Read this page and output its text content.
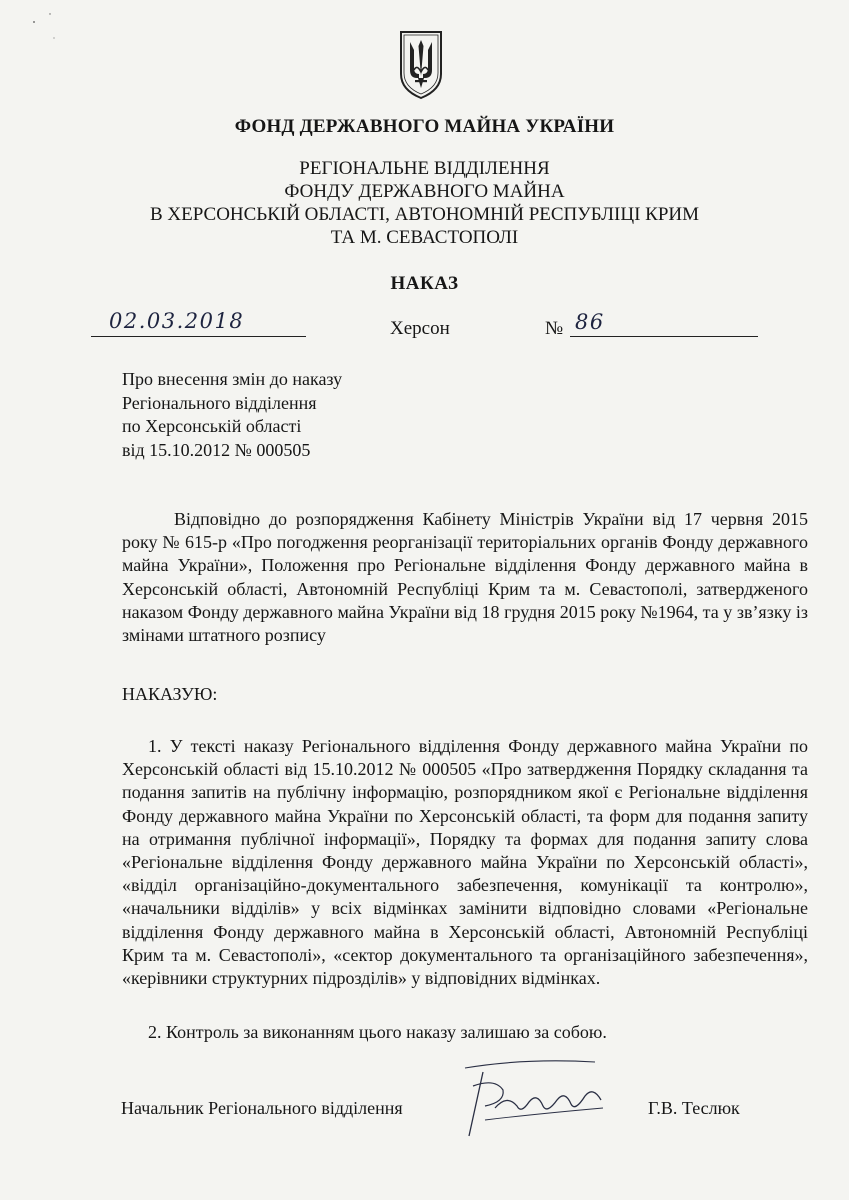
ФОНД ДЕРЖАВНОГО МАЙНА УКРАЇНИ
РЕГІОНАЛЬНЕ ВІДДІЛЕННЯ
ФОНДУ ДЕРЖАВНОГО МАЙНА
В ХЕРСОНСЬКІЙ ОБЛАСТІ, АВТОНОМНІЙ РЕСПУБЛІЦІ КРИМ
ТА М. СЕВАСТОПОЛІ
НАКАЗ
02.03.2018	Херсон	№ 86
Про внесення змін до наказу
Регіонального відділення
по Херсонській області
від 15.10.2012 № 000505
Відповідно до розпорядження Кабінету Міністрів України від 17 червня 2015 року № 615-р «Про погодження реорганізації територіальних органів Фонду державного майна України», Положення про Регіональне відділення Фонду державного майна в Херсонській області, Автономній Республіці Крим та м. Севастополі, затвердженого наказом Фонду державного майна України від 18 грудня 2015 року №1964, та у зв’язку із змінами штатного розпису
НАКАЗУЮ:
1. У тексті наказу Регіонального відділення Фонду державного майна України по Херсонській області від 15.10.2012 № 000505 «Про затвердження Порядку складання та подання запитів на публічну інформацію, розпорядником якої є Регіональне відділення Фонду державного майна України по Херсонській області, та форм для подання запиту на отримання публічної інформації», Порядку та формах для подання запиту слова «Регіональне відділення Фонду державного майна України по Херсонській області», «відділ організаційно-документального забезпечення, комунікації та контролю», «начальники відділів» у всіх відмінках замінити відповідно словами «Регіональне відділення Фонду державного майна в Херсонській області, Автономній Республіці Крим та м. Севастополі», «сектор документального та організаційного забезпечення», «керівники структурних підрозділів» у відповідних відмінках.
2. Контроль за виконанням цього наказу залишаю за собою.
Начальник Регіонального відділення	Г.В. Теслюк
